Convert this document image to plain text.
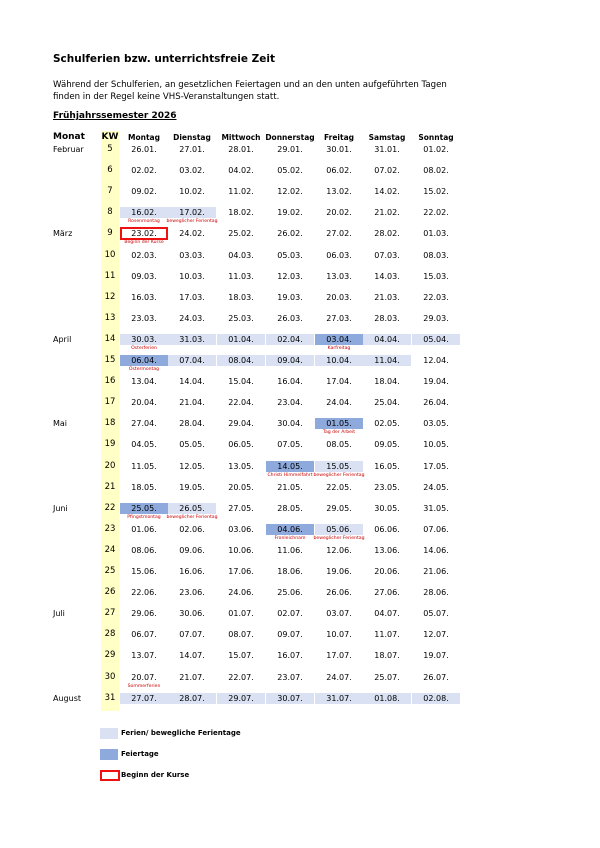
Schulferien bzw. unterrichtsfreie Zeit
Während der Schulferien, an gesetzlichen Feiertagen und an den unten aufgeführten Tagen
finden in der Regel keine VHS-Veranstaltungen statt.
Frühjahrssemester 2026
Monat	KW	Montag	Dienstag	Mittwoch Donnerstag	Freitag	Samstag	Sonntag
Februar	5	26.01.	27.01.	28.01.	29.01.	30.01.	31.01.	01.02.
6	02.02.	03.02.	04.02.	05.02.	06.02.	07.02.	08.02.
7	09.02.	10.02.	11.02.	12.02.	13.02.	14.02.	15.02.
8	16.02.	17.02.	18.02.	19.02.	20.02.	21.02.	22.02.
Rosenmontag	beweglicher Ferientag
März	9	23.02.	24.02.	25.02.	26.02.	27.02.	28.02.	01.03.
Beginn der Kurse
10	02.03.	03.03.	04.03.	05.03.	06.03.	07.03.	08.03.
11	09.03.	10.03.	11.03.	12.03.	13.03.	14.03.	15.03.
12	16.03.	17.03.	18.03.	19.03.	20.03.	21.03.	22.03.
13	23.03.	24.03.	25.03.	26.03.	27.03.	28.03.	29.03.
April	14	30.03.	31.03.	01.04.	02.04.	03.04.	04.04.	05.04.
Osterferien	Karfreitag
15	06.04.	07.04.	08.04.	09.04.	10.04.	11.04.	12.04.
Ostermontag
16	13.04.	14.04.	15.04.	16.04.	17.04.	18.04.	19.04.
17	20.04.	21.04.	22.04.	23.04.	24.04.	25.04.	26.04.
Mai	18	27.04.	28.04.	29.04.	30.04.	01.05.	02.05.	03.05.
Tag der Arbeit
19	04.05.	05.05.	06.05.	07.05.	08.05.	09.05.	10.05.
20	11.05.	12.05.	13.05.	14.05.	15.05.	16.05.	17.05.
Christi Himmelfahrt beweglicher Ferientag
21	18.05.	19.05.	20.05.	21.05.	22.05.	23.05.	24.05.
Juni	22	25.05.	26.05.	27.05.	28.05.	29.05.	30.05.	31.05.
Pfingstmontag	beweglicher Ferientag
23	01.06.	02.06.	03.06.	04.06.	05.06.	06.06.	07.06.
Fronleichnam	beweglicher Ferientag
24	08.06.	09.06.	10.06.	11.06.	12.06.	13.06.	14.06.
25	15.06.	16.06.	17.06.	18.06.	19.06.	20.06.	21.06.
26	22.06.	23.06.	24.06.	25.06.	26.06.	27.06.	28.06.
Juli	27	29.06.	30.06.	01.07.	02.07.	03.07.	04.07.	05.07.
28	06.07.	07.07.	08.07.	09.07.	10.07.	11.07.	12.07.
29	13.07.	14.07.	15.07.	16.07.	17.07.	18.07.	19.07.
30	20.07.	21.07.	22.07.	23.07.	24.07.	25.07.	26.07.
Sommerferien
August	31	27.07.	28.07.	29.07.	30.07.	31.07.	01.08.	02.08.
Ferien/ bewegliche Ferientage
Feiertage
Beginn der Kurse
